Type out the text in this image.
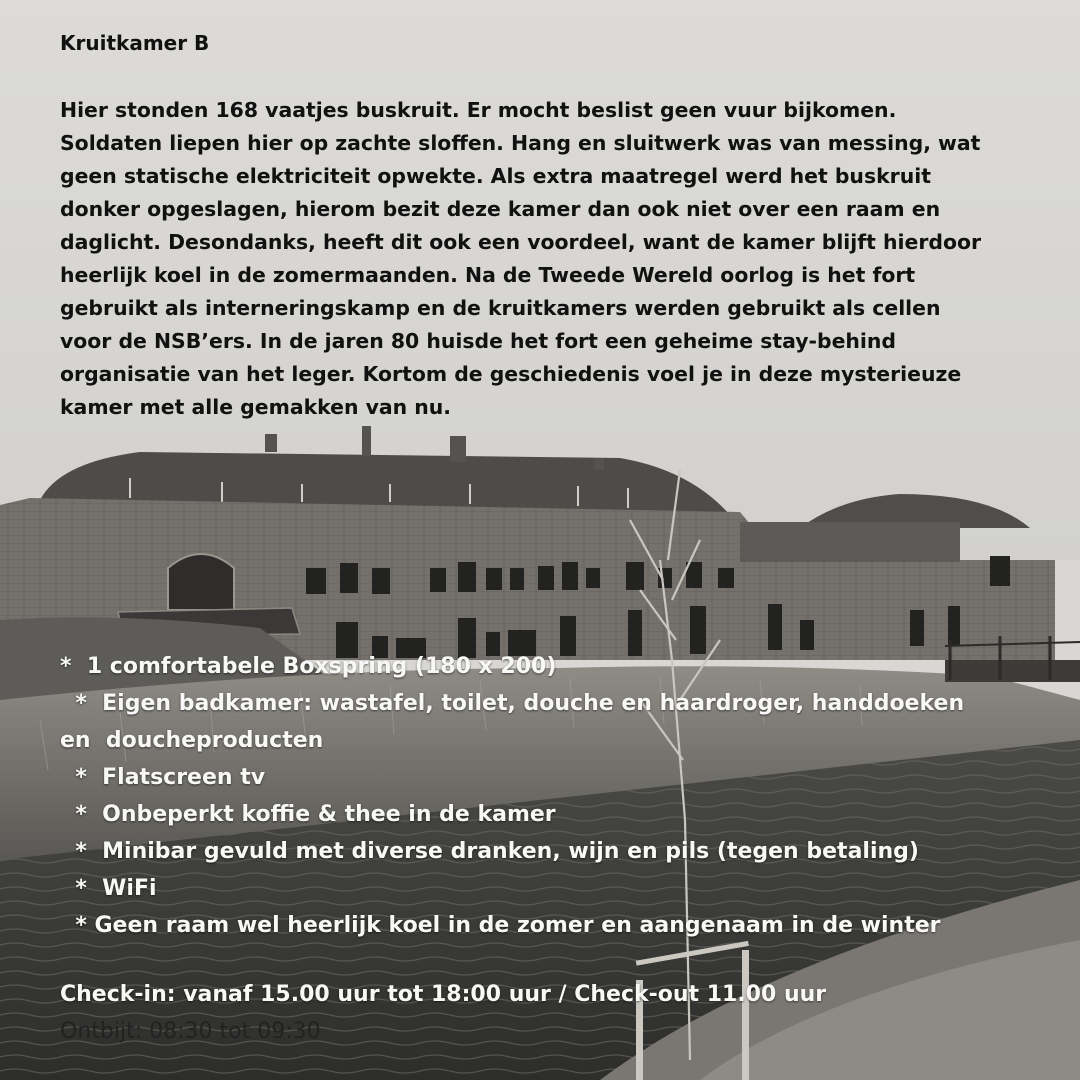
Kruitkamer B
Hier stonden 168 vaatjes buskruit. Er mocht beslist geen vuur bijkomen.
Soldaten liepen hier op zachte sloffen. Hang en sluitwerk was van messing, wat
geen statische elektriciteit opwekte. Als extra maatregel werd het buskruit
donker opgeslagen, hierom bezit deze kamer dan ook niet over een raam en
daglicht. Desondanks, heeft dit ook een voordeel, want de kamer blijft hierdoor
heerlijk koel in de zomermaanden. Na de Tweede Wereld oorlog is het fort
gebruikt als interneringskamp en de kruitkamers werden gebruikt als cellen
voor de NSB’ers. In de jaren 80 huisde het fort een geheime stay-behind
organisatie van het leger. Kortom de geschiedenis voel je in deze mysterieuze
kamer met alle gemakken van nu.
*  1 comfortabele Boxspring (180 x 200)
*  Eigen badkamer: wastafel, toilet, douche en haardroger, handdoeken
en  doucheproducten
*  Flatscreen tv
*  Onbeperkt koffie & thee in de kamer
*  Minibar gevuld met diverse dranken, wijn en pils (tegen betaling)
*  WiFi
* Geen raam wel heerlijk koel in de zomer en aangenaam in de winter
Check-in: vanaf 15.00 uur tot 18:00 uur / Check-out 11.00 uur
Ontbijt: 08:30 tot 09:30
